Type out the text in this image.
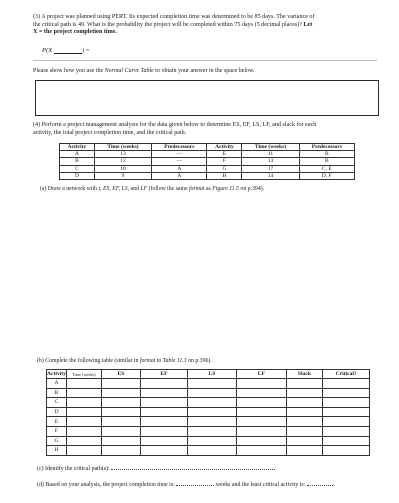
(3) A project was planned using PERT. Its expected completion time was determined to be 85 days. The variance of
the critical path is 49. What is the probability the project will be completed within 75 days (5 decimal places)? Let
X = the project completion time.
P(X	) =
Please show how you use the Normal Curve Table to obtain your answer in the space below.
(4) Perform a project management analysis for the data given below to determine ES, EF, LS, LF, and slack for each
activity, the total project completion time, and the critical path.
Activity	Time (weeks)	Predecessors	Activity	Time (weeks)	Predecessors
A	13	—	E	11	B
B	12	—	F	13	B
C	10	A	G	17	C, E
D	9	A	H	14	D, F
(a) Draw a network with t, ES, EF, LS, and LF (follow the same format as Figure 11.5 on p.394).
(b) Complete the following table (similar in format to Table 11.3 on p.396).
Activity	Time (weeks)	ES	EF	LS	LF	Slack	Critical?
A							
B							
C							
D							
E							
F							
G							
H							
(c) Identify the critical path(s):
(d) Based on your analysis, the project completion time is:	weeks and the least critical activity is:	.
